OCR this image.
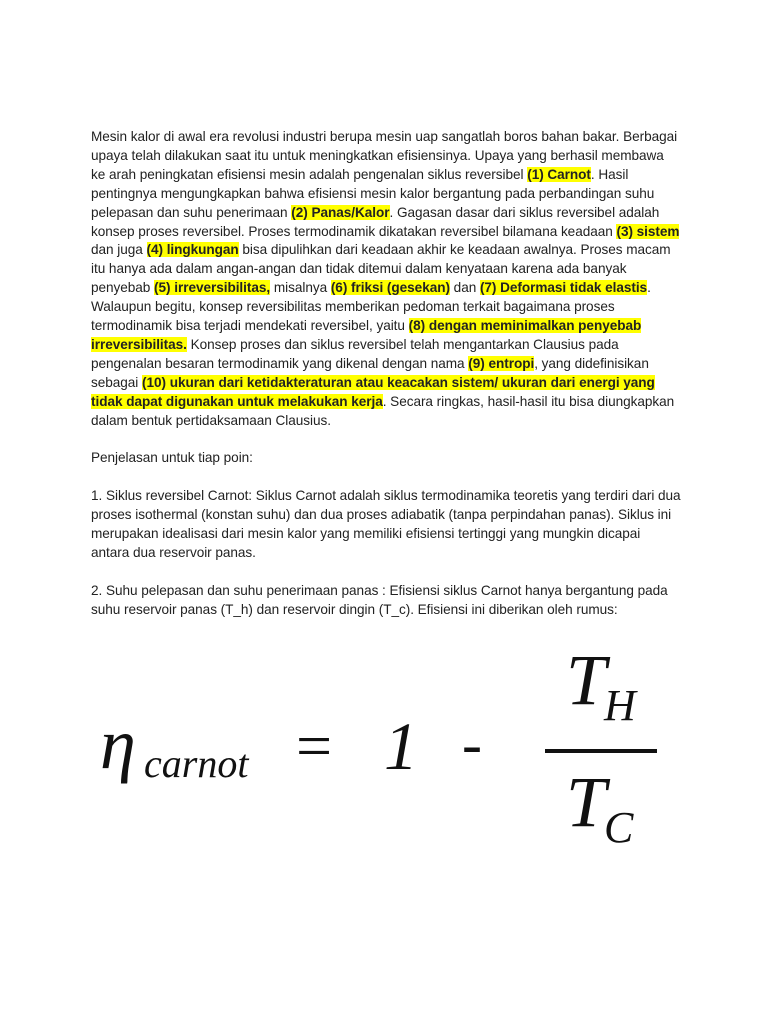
Mesin kalor di awal era revolusi industri berupa mesin uap sangatlah boros bahan bakar. Berbagai upaya telah dilakukan saat itu untuk meningkatkan efisiensinya. Upaya yang berhasil membawa ke arah peningkatan efisiensi mesin adalah pengenalan siklus reversibel (1) Carnot. Hasil pentingnya mengungkapkan bahwa efisiensi mesin kalor bergantung pada perbandingan suhu pelepasan dan suhu penerimaan (2) Panas/Kalor. Gagasan dasar dari siklus reversibel adalah konsep proses reversibel. Proses termodinamik dikatakan reversibel bilamana keadaan (3) sistem dan juga (4) lingkungan bisa dipulihkan dari keadaan akhir ke keadaan awalnya. Proses macam itu hanya ada dalam angan-angan dan tidak ditemui dalam kenyataan karena ada banyak penyebab (5) irreversibilitas, misalnya (6) friksi (gesekan) dan (7) Deformasi tidak elastis. Walaupun begitu, konsep reversibilitas memberikan pedoman terkait bagaimana proses termodinamik bisa terjadi mendekati reversibel, yaitu (8) dengan meminimalkan penyebab irreversibilitas. Konsep proses dan siklus reversibel telah mengantarkan Clausius pada pengenalan besaran termodinamik yang dikenal dengan nama (9) entropi, yang didefinisikan sebagai (10) ukuran dari ketidakteraturan atau keacakan sistem/ ukuran dari energi yang tidak dapat digunakan untuk melakukan kerja. Secara ringkas, hasil-hasil itu bisa diungkapkan dalam bentuk pertidaksamaan Clausius.

Penjelasan untuk tiap poin:

1. Siklus reversibel Carnot: Siklus Carnot adalah siklus termodinamika teoretis yang terdiri dari dua proses isothermal (konstan suhu) dan dua proses adiabatik (tanpa perpindahan panas). Siklus ini merupakan idealisasi dari mesin kalor yang memiliki efisiensi tertinggi yang mungkin dicapai antara dua reservoir panas.

2. Suhu pelepasan dan suhu penerimaan panas : Efisiensi siklus Carnot hanya bergantung pada suhu reservoir panas (T_h) dan reservoir dingin (T_c). Efisiensi ini diberikan oleh rumus:

η carnot = 1 -
T
H
T
C
